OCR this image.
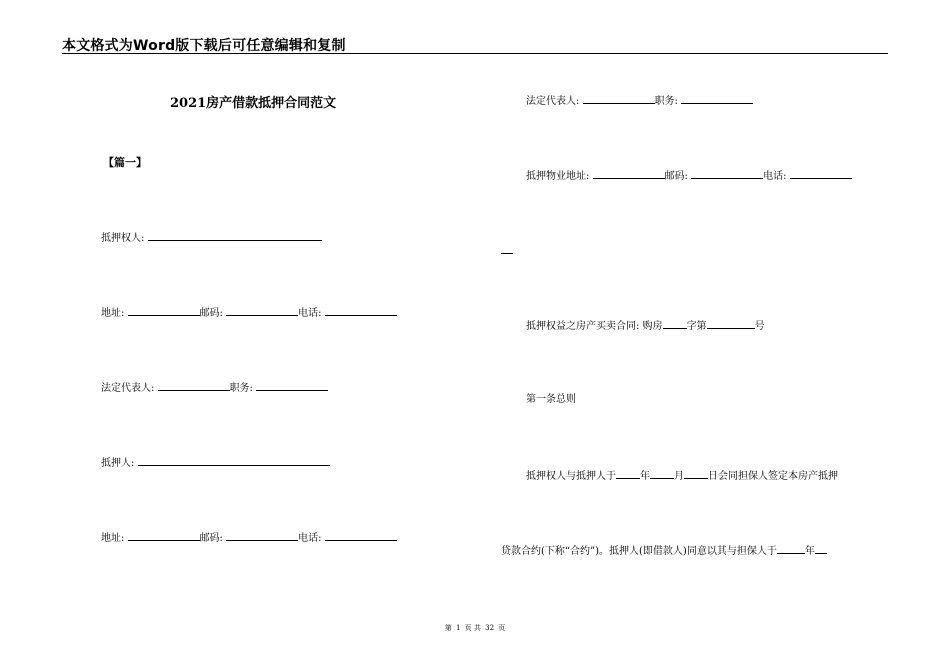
本文格式为Word版下载后可任意编辑和复制
2021房产借款抵押合同范文
【篇一】
抵押权人:
地址:	邮码:	电话:
法定代表人:	职务:
抵押人:
地址:	邮码:	电话:
法定代表人:	职务:
抵押物业地址:	邮码:	电话:
抵押权益之房产买卖合同: 购房 字第	号
第一条总则
抵押权人与抵押人于 年 月 日会同担保人签定本房产抵押
贷款合约(下称“合约”)。抵押人(即借款人)同意以其与担保人于	年
第 1 页 共 32 页
